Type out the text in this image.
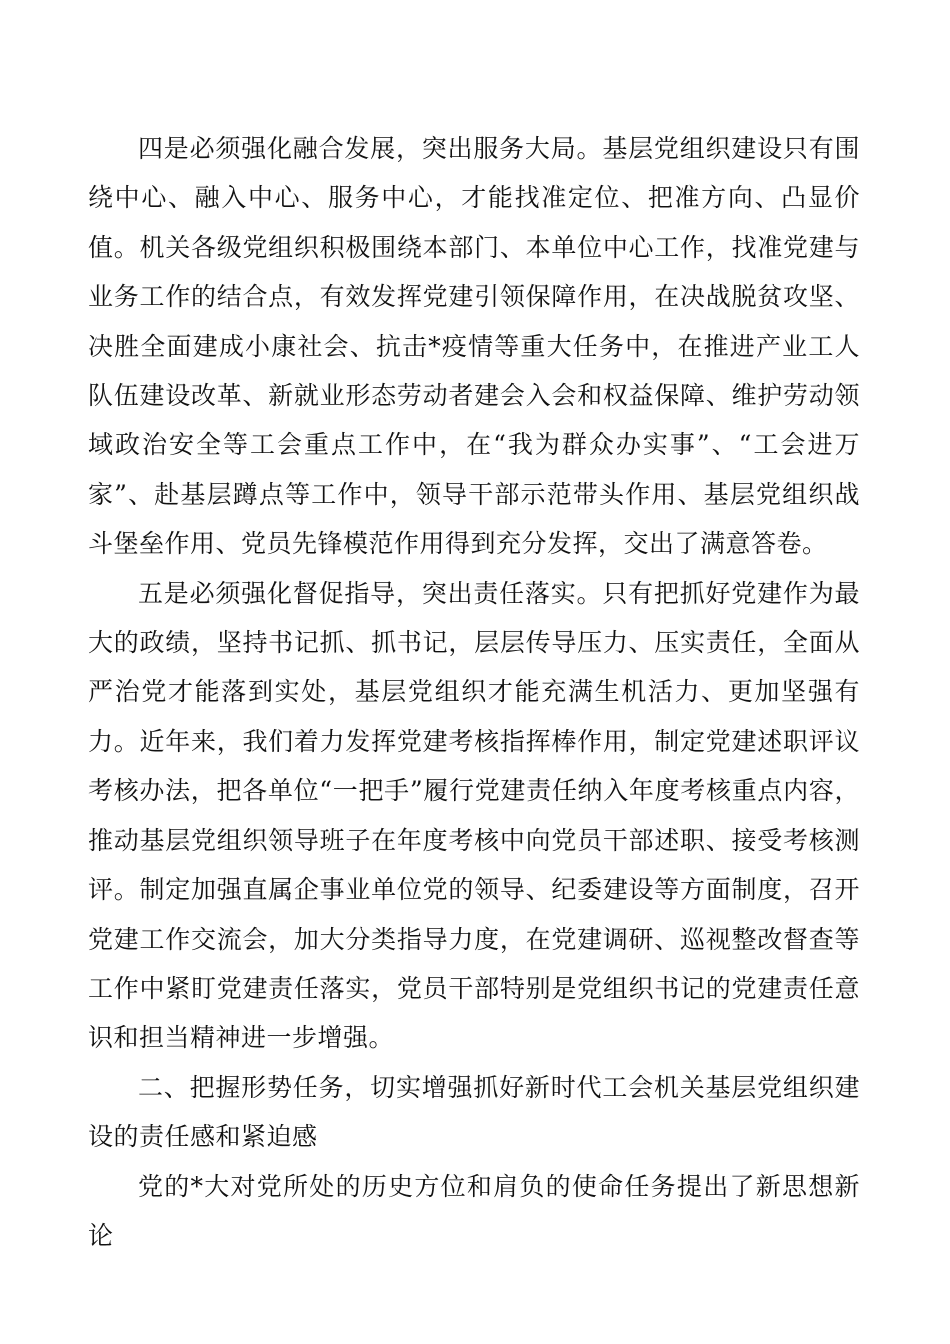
四是必须强化融合发展，突出服务大局。基层党组织建设只有围绕中心、融入中心、服务中心，才能找准定位、把准方向、凸显价值。机关各级党组织积极围绕本部门、本单位中心工作，找准党建与业务工作的结合点，有效发挥党建引领保障作用，在决战脱贫攻坚、决胜全面建成小康社会、抗击*疫情等重大任务中，在推进产业工人队伍建设改革、新就业形态劳动者建会入会和权益保障、维护劳动领域政治安全等工会重点工作中，在“我为群众办实事”、“工会进万家”、赴基层蹲点等工作中，领导干部示范带头作用、基层党组织战斗堡垒作用、党员先锋模范作用得到充分发挥，交出了满意答卷。

五是必须强化督促指导，突出责任落实。只有把抓好党建作为最大的政绩，坚持书记抓、抓书记，层层传导压力、压实责任，全面从严治党才能落到实处，基层党组织才能充满生机活力、更加坚强有力。近年来，我们着力发挥党建考核指挥棒作用，制定党建述职评议考核办法，把各单位“一把手”履行党建责任纳入年度考核重点内容，推动基层党组织领导班子在年度考核中向党员干部述职、接受考核测评。制定加强直属企事业单位党的领导、纪委建设等方面制度，召开党建工作交流会，加大分类指导力度，在党建调研、巡视整改督查等工作中紧盯党建责任落实，党员干部特别是党组织书记的党建责任意识和担当精神进一步增强。

二、把握形势任务，切实增强抓好新时代工会机关基层党组织建设的责任感和紧迫感

党的*大对党所处的历史方位和肩负的使命任务提出了新思想新论
